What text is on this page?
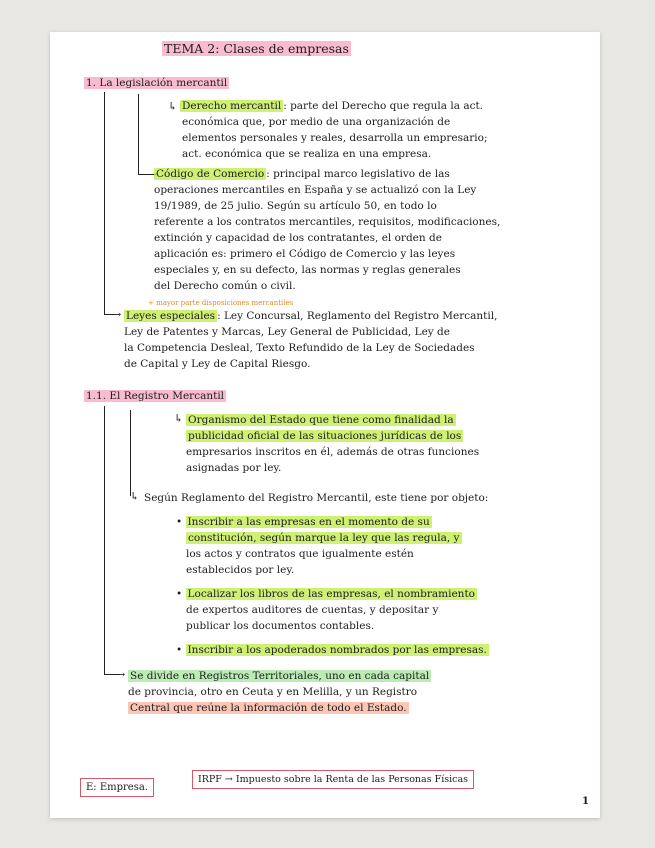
TEMA 2: Clases de empresas
1. La legislación mercantil
↳ Derecho mercantil : parte del Derecho que regula la act.
económica que, por medio de una organización de
elementos personales y reales, desarrolla un empresario;
act. económica que se realiza en una empresa.
Código de Comercio : principal marco legislativo de las
operaciones mercantiles en España y se actualizó con la Ley
19/1989, de 25 julio. Según su artículo 50, en todo lo
referente a los contratos mercantiles, requisitos, modificaciones,
extinción y capacidad de los contratantes, el orden de
aplicación es: primero el Código de Comercio y las leyes
especiales y, en su defecto, las normas y reglas generales
del Derecho común o civil.
+ mayor parte disposiciones mercantiles
→ Leyes especiales : Ley Concursal, Reglamento del Registro Mercantil,
Ley de Patentes y Marcas, Ley General de Publicidad, Ley de
la Competencia Desleal, Texto Refundido de la Ley de Sociedades
de Capital y Ley de Capital Riesgo.
1.1. El Registro Mercantil
↳ Organismo del Estado que tiene como finalidad la
publicidad oficial de las situaciones jurídicas de los
empresarios inscritos en él, además de otras funciones
asignadas por ley.
↳ Según Reglamento del Registro Mercantil, este tiene por objeto:
• Inscribir a las empresas en el momento de su
constitución, según marque la ley que las regula, y
los actos y contratos que igualmente estén
establecidos por ley.
• Localizar los libros de las empresas, el nombramiento
de expertos auditores de cuentas, y depositar y
publicar los documentos contables.
• Inscribir a los apoderados nombrados por las empresas.
→ Se divide en Registros Territoriales, uno en cada capital
de provincia, otro en Ceuta y en Melilla, y un Registro
Central que reúne la información de todo el Estado.
E: Empresa.
IRPF → Impuesto sobre la Renta de las Personas Físicas
1
